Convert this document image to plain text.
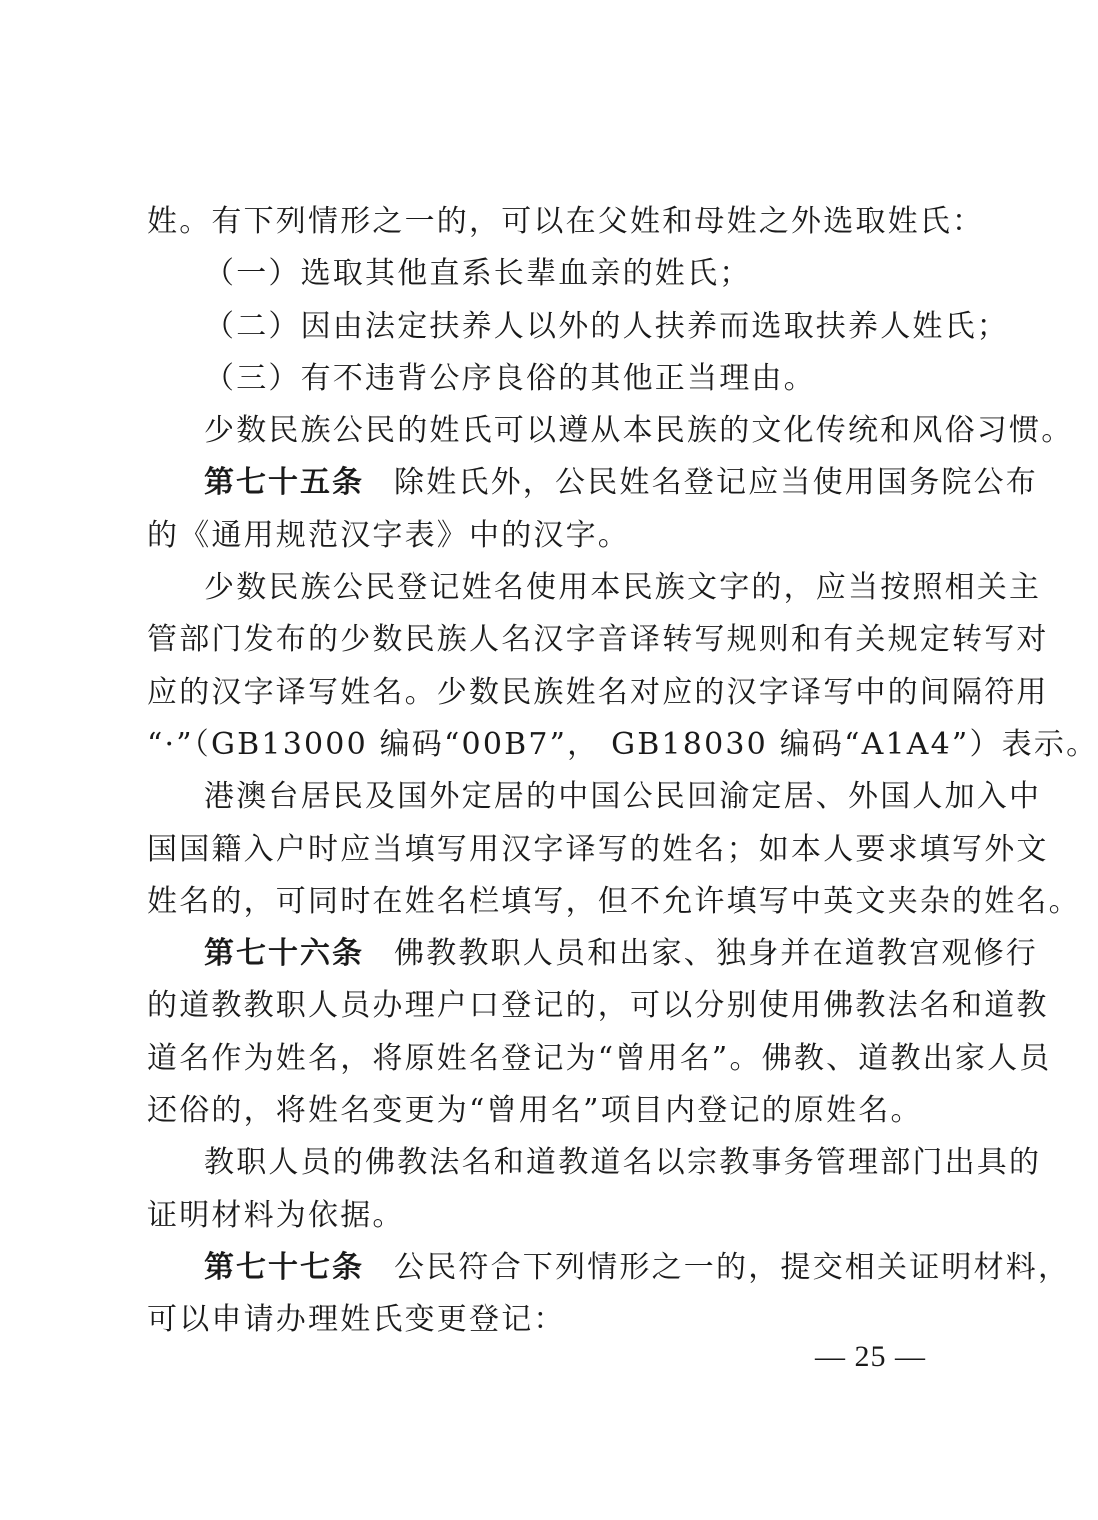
姓。有下列情形之一的，可以在父姓和母姓之外选取姓氏：
（一）选取其他直系长辈血亲的姓氏；
（二）因由法定扶养人以外的人扶养而选取扶养人姓氏；
（三）有不违背公序良俗的其他正当理由。
少数民族公民的姓氏可以遵从本民族的文化传统和风俗习惯。
第七十五条 除姓氏外，公民姓名登记应当使用国务院公布
的《通用规范汉字表》中的汉字。
少数民族公民登记姓名使用本民族文字的，应当按照相关主
管部门发布的少数民族人名汉字音译转写规则和有关规定转写对
应的汉字译写姓名。少数民族姓名对应的汉字译写中的间隔符用
“·”（GB13000 编码“00B7”， GB18030 编码“A1A4”）表示。
港澳台居民及国外定居的中国公民回渝定居、外国人加入中
国国籍入户时应当填写用汉字译写的姓名；如本人要求填写外文
姓名的，可同时在姓名栏填写，但不允许填写中英文夹杂的姓名。
第七十六条 佛教教职人员和出家、独身并在道教宫观修行
的道教教职人员办理户口登记的，可以分别使用佛教法名和道教
道名作为姓名，将原姓名登记为“曾用名”。佛教、道教出家人员
还俗的，将姓名变更为“曾用名”项目内登记的原姓名。
教职人员的佛教法名和道教道名以宗教事务管理部门出具的
证明材料为依据。
第七十七条 公民符合下列情形之一的，提交相关证明材料，
可以申请办理姓氏变更登记：
— 25 —
